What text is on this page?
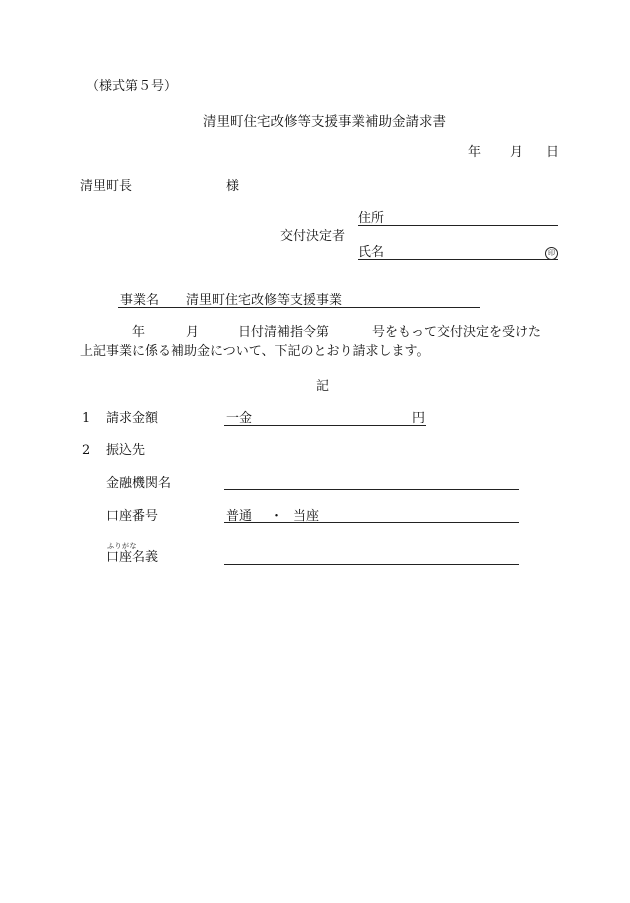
（様式第５号）
清里町住宅改修等支援事業補助金請求書
年 月 日
清里町長	様
交付決定者
住所
氏名	印
事業名 清里町住宅改修等支援事業
年	月	日付清補指令第	号をもって交付決定を受けた
上記事業に係る補助金について、下記のとおり請求します。
記
1 請求金額	一金	円
2 振込先
金融機関名
口座番号	普通 ・ 当座
ふりがな
口座名義
